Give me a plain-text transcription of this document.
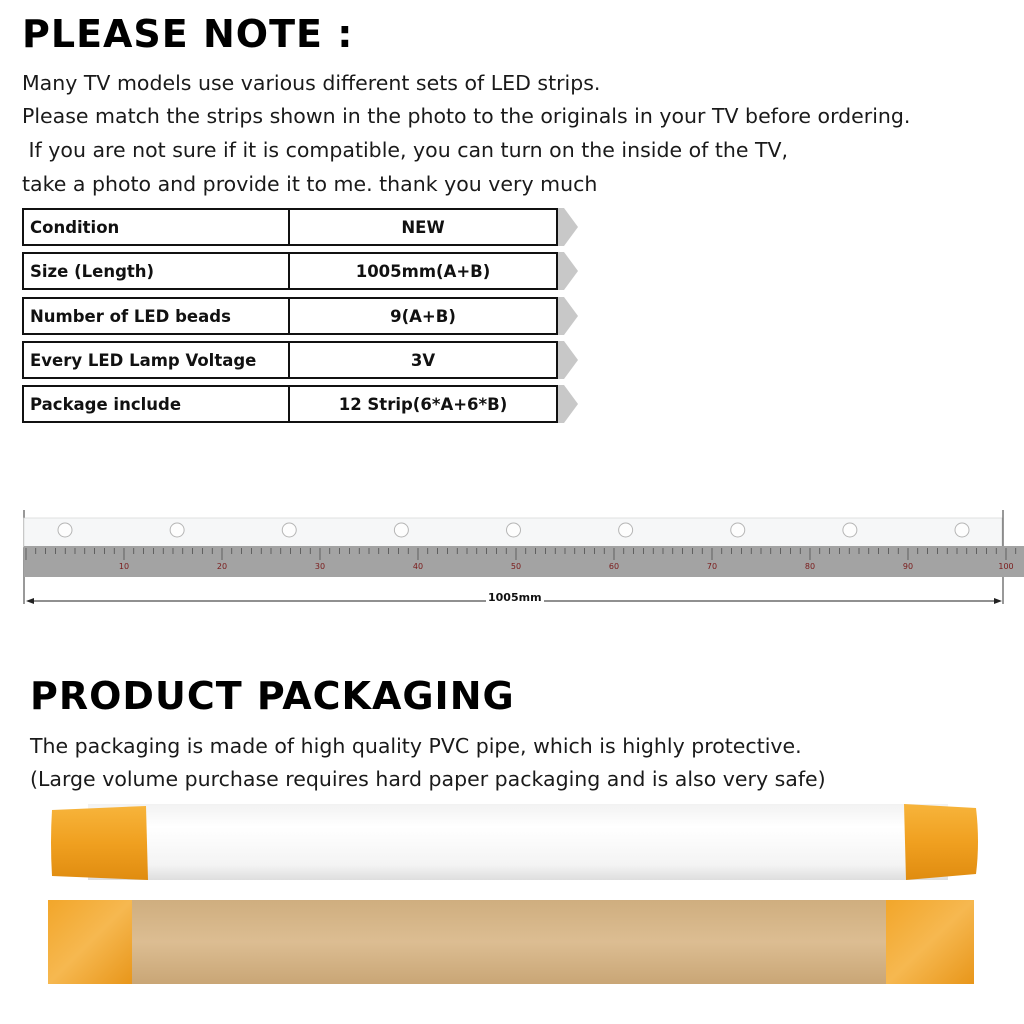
PLEASE NOTE :
Many TV models use various different sets of LED strips.
Please match the strips shown in the photo to the originals in your TV before ordering.
If you are not sure if it is compatible, you can turn on the inside of the TV,
take a photo and provide it to me. thank you very much
Condition	NEW
Size (Length)	1005mm(A+B)
Number of LED beads	9(A+B)
Every LED Lamp Voltage	3V
Package include	12 Strip(6*A+6*B)
10	20	30	40	50	60	70	80	90	100
1005mm
PRODUCT PACKAGING
The packaging is made of high quality PVC pipe, which is highly protective.
(Large volume purchase requires hard paper packaging and is also very safe)
